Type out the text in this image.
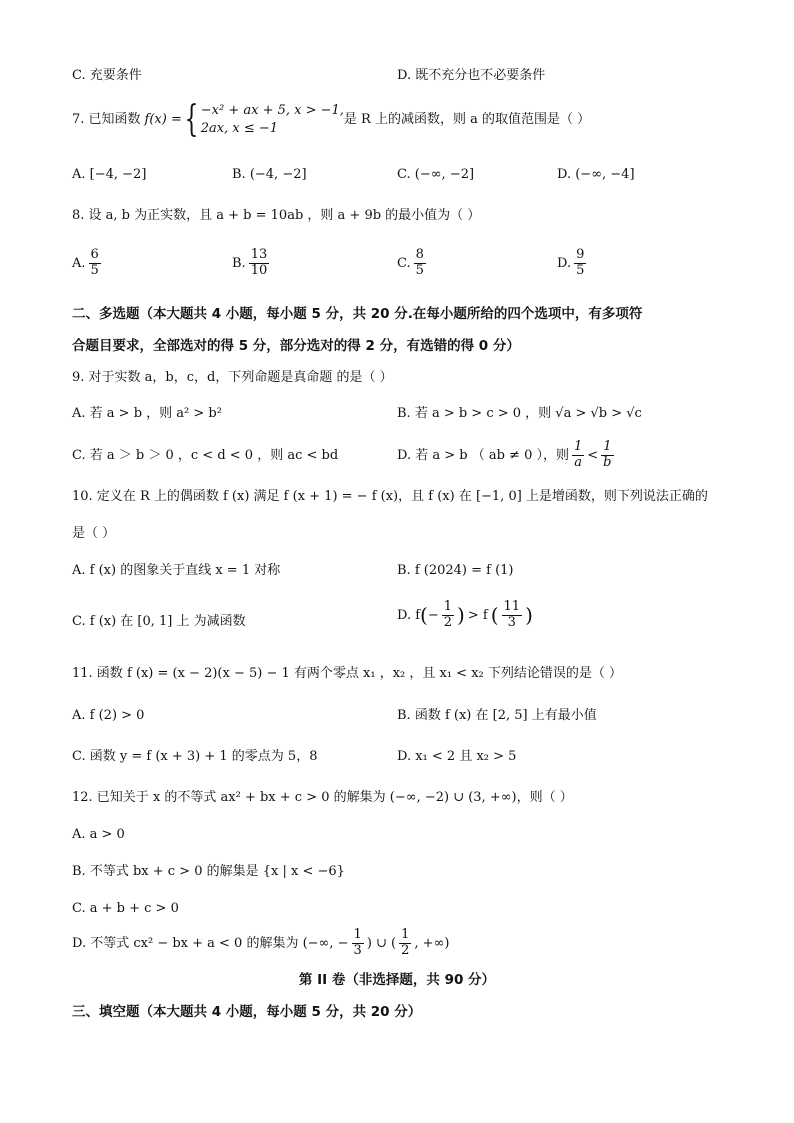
C. 充要条件	D. 既不充分也不必要条件
7. 已知函数 f(x) = { −x² + ax + 5, x > −1,
2ax, x ≤ −1
是 R 上的减函数，则 a 的取值范围是（ ）
A. [−4, −2]	B. (−4, −2]	C. (−∞, −2]	D. (−∞, −4]
8. 设 a, b 为正实数，且 a + b = 10ab ，则 a + 9b 的最小值为（ ）
A. $\frac{6}{5}$	B. $\frac{13}{10}$	C. $\frac{8}{5}$	D. $\frac{9}{5}$
二、多选题（本大题共 4 小题，每小题 5 分，共 20 分.在每小题所给的四个选项中，有多项符
合题目要求，全部选对的得 5 分，部分选对的得 2 分，有选错的得 0 分）
9. 对于实数 a，b，c，d，下列命题是真命题 的是（ ）
A. 若 a > b ，则 a² > b²	B. 若 a > b > c > 0 ，则 √a > √b > √c
C. 若 a ＞ b ＞ 0 ，c < d < 0 ，则 ac < bd	D. 若 a > b （ ab ≠ 0 ），则 $\frac{1}{a} < \frac{1}{b}$
10. 定义在 R 上的偶函数 f (x) 满足 f (x + 1) = − f (x)，且 f (x) 在 [−1, 0] 上是增函数，则下列说法正确的
是（ ）
A. f (x) 的图象关于直线 x = 1 对称	B. f (2024) = f (1)
C. f (x) 在 [0, 1] 上 为减函数	D. f ( − $\frac{1}{2}$ ) > f ( $\frac{11}{3}$ )
11. 函数 f (x) = (x − 2)(x − 5) − 1 有两个零点 x₁ ，x₂ ，且 x₁ < x₂ 下列结论错误的是（ ）
A. f (2) > 0	B. 函数 f (x) 在 [2, 5] 上有最小值
C. 函数 y = f (x + 3) + 1 的零点为 5，8	D. x₁ < 2 且 x₂ > 5
12. 已知关于 x 的不等式 ax² + bx + c > 0 的解集为 (−∞, −2) ∪ (3, +∞)，则（ ）
A. a > 0
B. 不等式 bx + c > 0 的解集是 {x | x < −6}
C. a + b + c > 0
D. 不等式 cx² − bx + a < 0 的解集为 (−∞, − $\frac{1}{3}$ ) ∪ ( $\frac{1}{2}$ , +∞)
第 II 卷（非选择题，共 90 分）
三、填空题（本大题共 4 小题，每小题 5 分，共 20 分）
